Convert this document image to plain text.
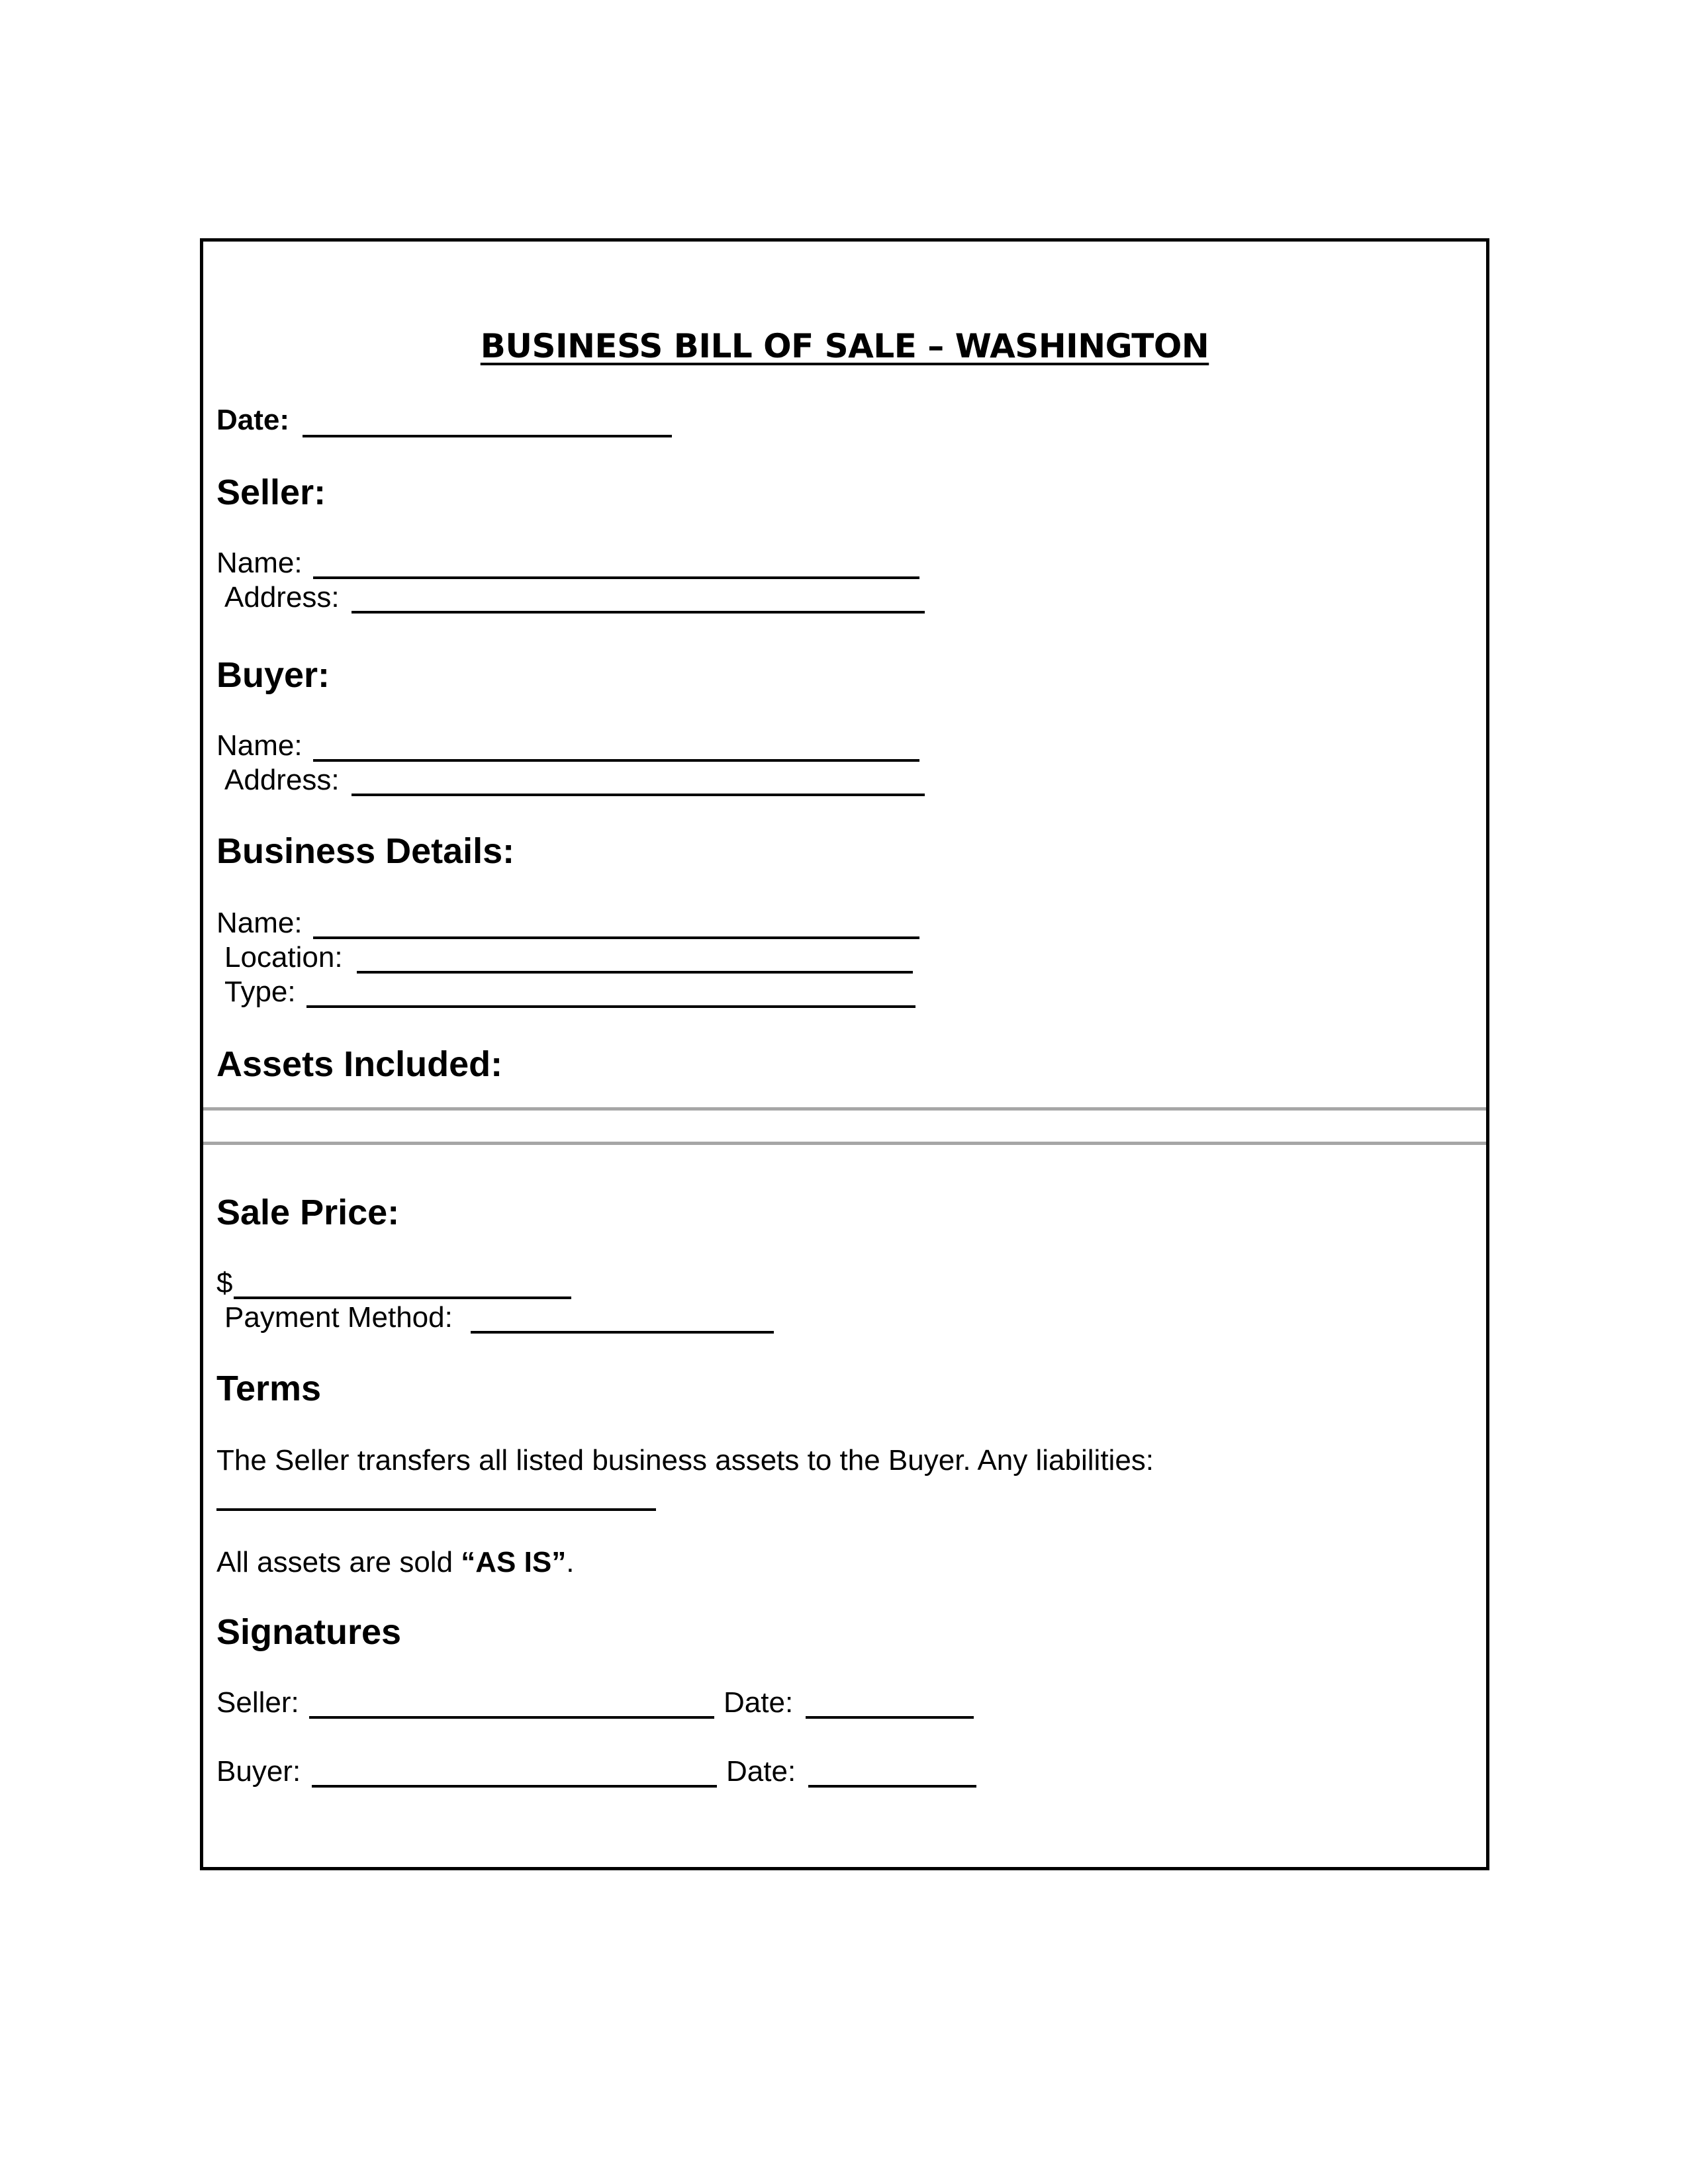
BUSINESS BILL OF SALE – WASHINGTON
Date:
Seller:
Name:
Address:
Buyer:
Name:
Address:
Business Details:
Name:
Location:
Type:
Assets Included:
Sale Price:
$
Payment Method:
Terms
The Seller transfers all listed business assets to the Buyer. Any liabilities:
All assets are sold “AS IS”.
Signatures
Seller:	Date:
Buyer:	Date:
